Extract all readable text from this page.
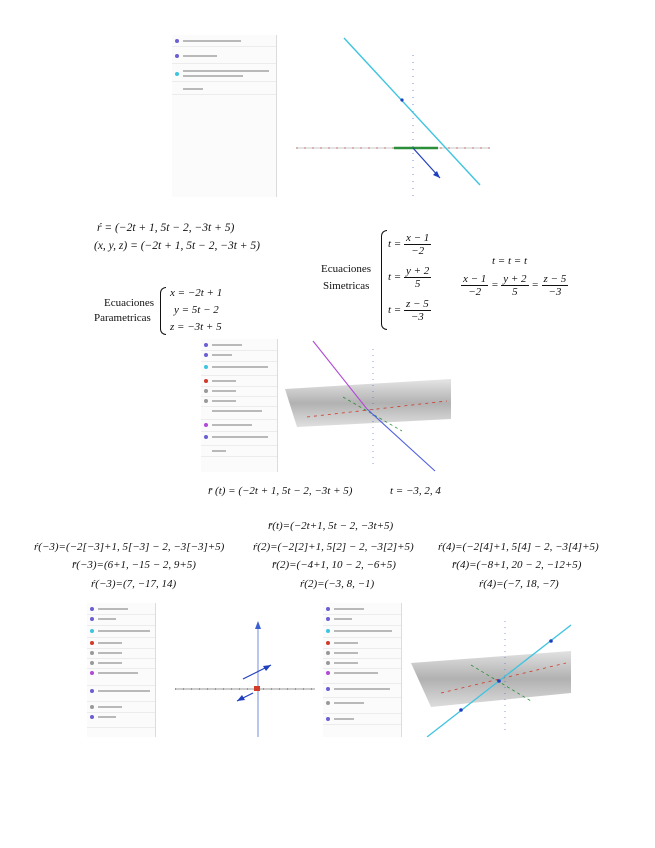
ŕ = (−2t + 1, 5t − 2, −3t + 5)
(x, y, z) = (−2t + 1, 5t − 2, −3t + 5)
Ecuaciones
Parametricas
x = −2t + 1
y = 5t − 2
z = −3t + 5
Ecuaciones
Simetricas
$t = \frac{x - 1}{-2}$
$t = \frac{y + 2}{5}$
$t = \frac{z - 5}{-3}$
t = t = t
$\frac{x - 1}{-2} = \frac{y + 2}{5} = \frac{z - 5}{-3}$
r̄ (t) = (−2t + 1, 5t − 2, −3t + 5)	t = −3, 2, 4
r̄(t)=(−2t+1, 5t − 2, −3t+5)
ŕ(−3)=(−2[−3]+1, 5[−3] − 2, −3[−3]+5)
r̄(−3)=(6+1, −15 − 2, 9+5)
ŕ(−3)=(7, −17, 14)
ŕ(2)=(−2[2]+1, 5[2] − 2, −3[2]+5)
r̄(2)=(−4+1, 10 − 2, −6+5)
ŕ(2)=(−3, 8, −1)
ŕ(4)=(−2[4]+1, 5[4] − 2, −3[4]+5)
r̄(4)=(−8+1, 20 − 2, −12+5)
ŕ(4)=(−7, 18, −7)
